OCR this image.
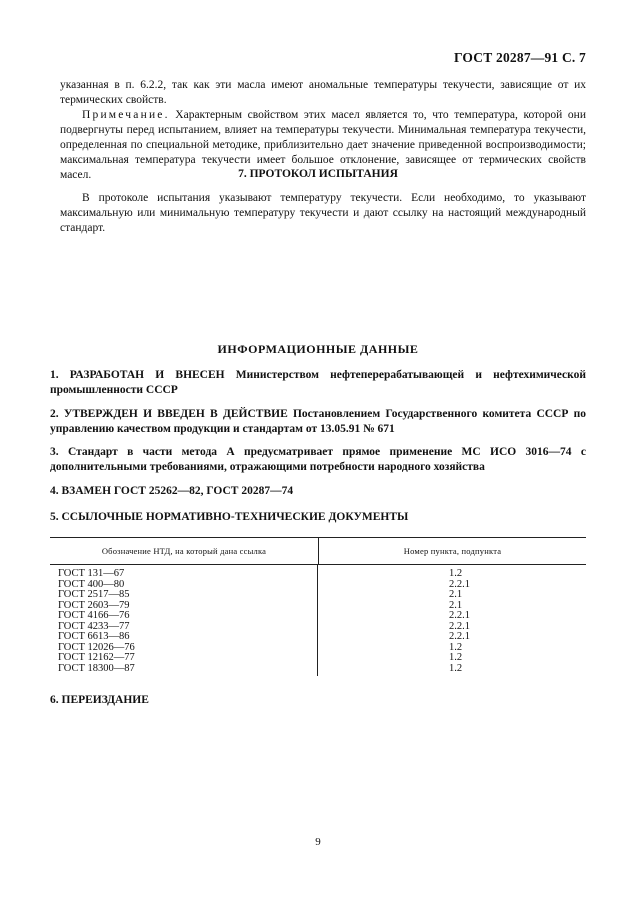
ГОСТ 20287—91 С. 7
указанная в п. 6.2.2, так как эти масла имеют аномальные температуры текучести, зависящие от их термических свойств.
Примечание. Характерным свойством этих масел является то, что температура, которой они подвергнуты перед испытанием, влияет на температуры текучести. Минимальная температура текучести, определенная по специальной методике, приблизительно дает значение приведенной воспроизводимости; максимальная температура текучести имеет большое отклонение, зависящее от термических свойств масел.	7. ПРОТОКОЛ ИСПЫТАНИЯ
В протоколе испытания указывают температуру текучести. Если необходимо, то указывают максимальную или минимальную температуру текучести и дают ссылку на настоящий международный стандарт.
ИНФОРМАЦИОННЫЕ ДАННЫЕ
1. РАЗРАБОТАН И ВНЕСЕН Министерством нефтеперерабатывающей и нефтехимической промышленности СССР
2. УТВЕРЖДЕН И ВВЕДЕН В ДЕЙСТВИЕ Постановлением Государственного комитета СССР по управлению качеством продукции и стандартам от 13.05.91 № 671
3. Стандарт в части метода А предусматривает прямое применение МС ИСО 3016—74 с дополнительными требованиями, отражающими потребности народного хозяйства
4. ВЗАМЕН ГОСТ 25262—82, ГОСТ 20287—74
5. ССЫЛОЧНЫЕ НОРМАТИВНО-ТЕХНИЧЕСКИЕ ДОКУМЕНТЫ
Обозначение НТД, на который дана ссылка	Номер пункта, подпункта
ГОСТ 131—67
ГОСТ 400—80
ГОСТ 2517—85
ГОСТ 2603—79
ГОСТ 4166—76
ГОСТ 4233—77
ГОСТ 6613—86
ГОСТ 12026—76
ГОСТ 12162—77
ГОСТ 18300—87
1.2
2.2.1
2.1
2.1
2.2.1
2.2.1
2.2.1
1.2
1.2
1.2
6. ПЕРЕИЗДАНИЕ
9
